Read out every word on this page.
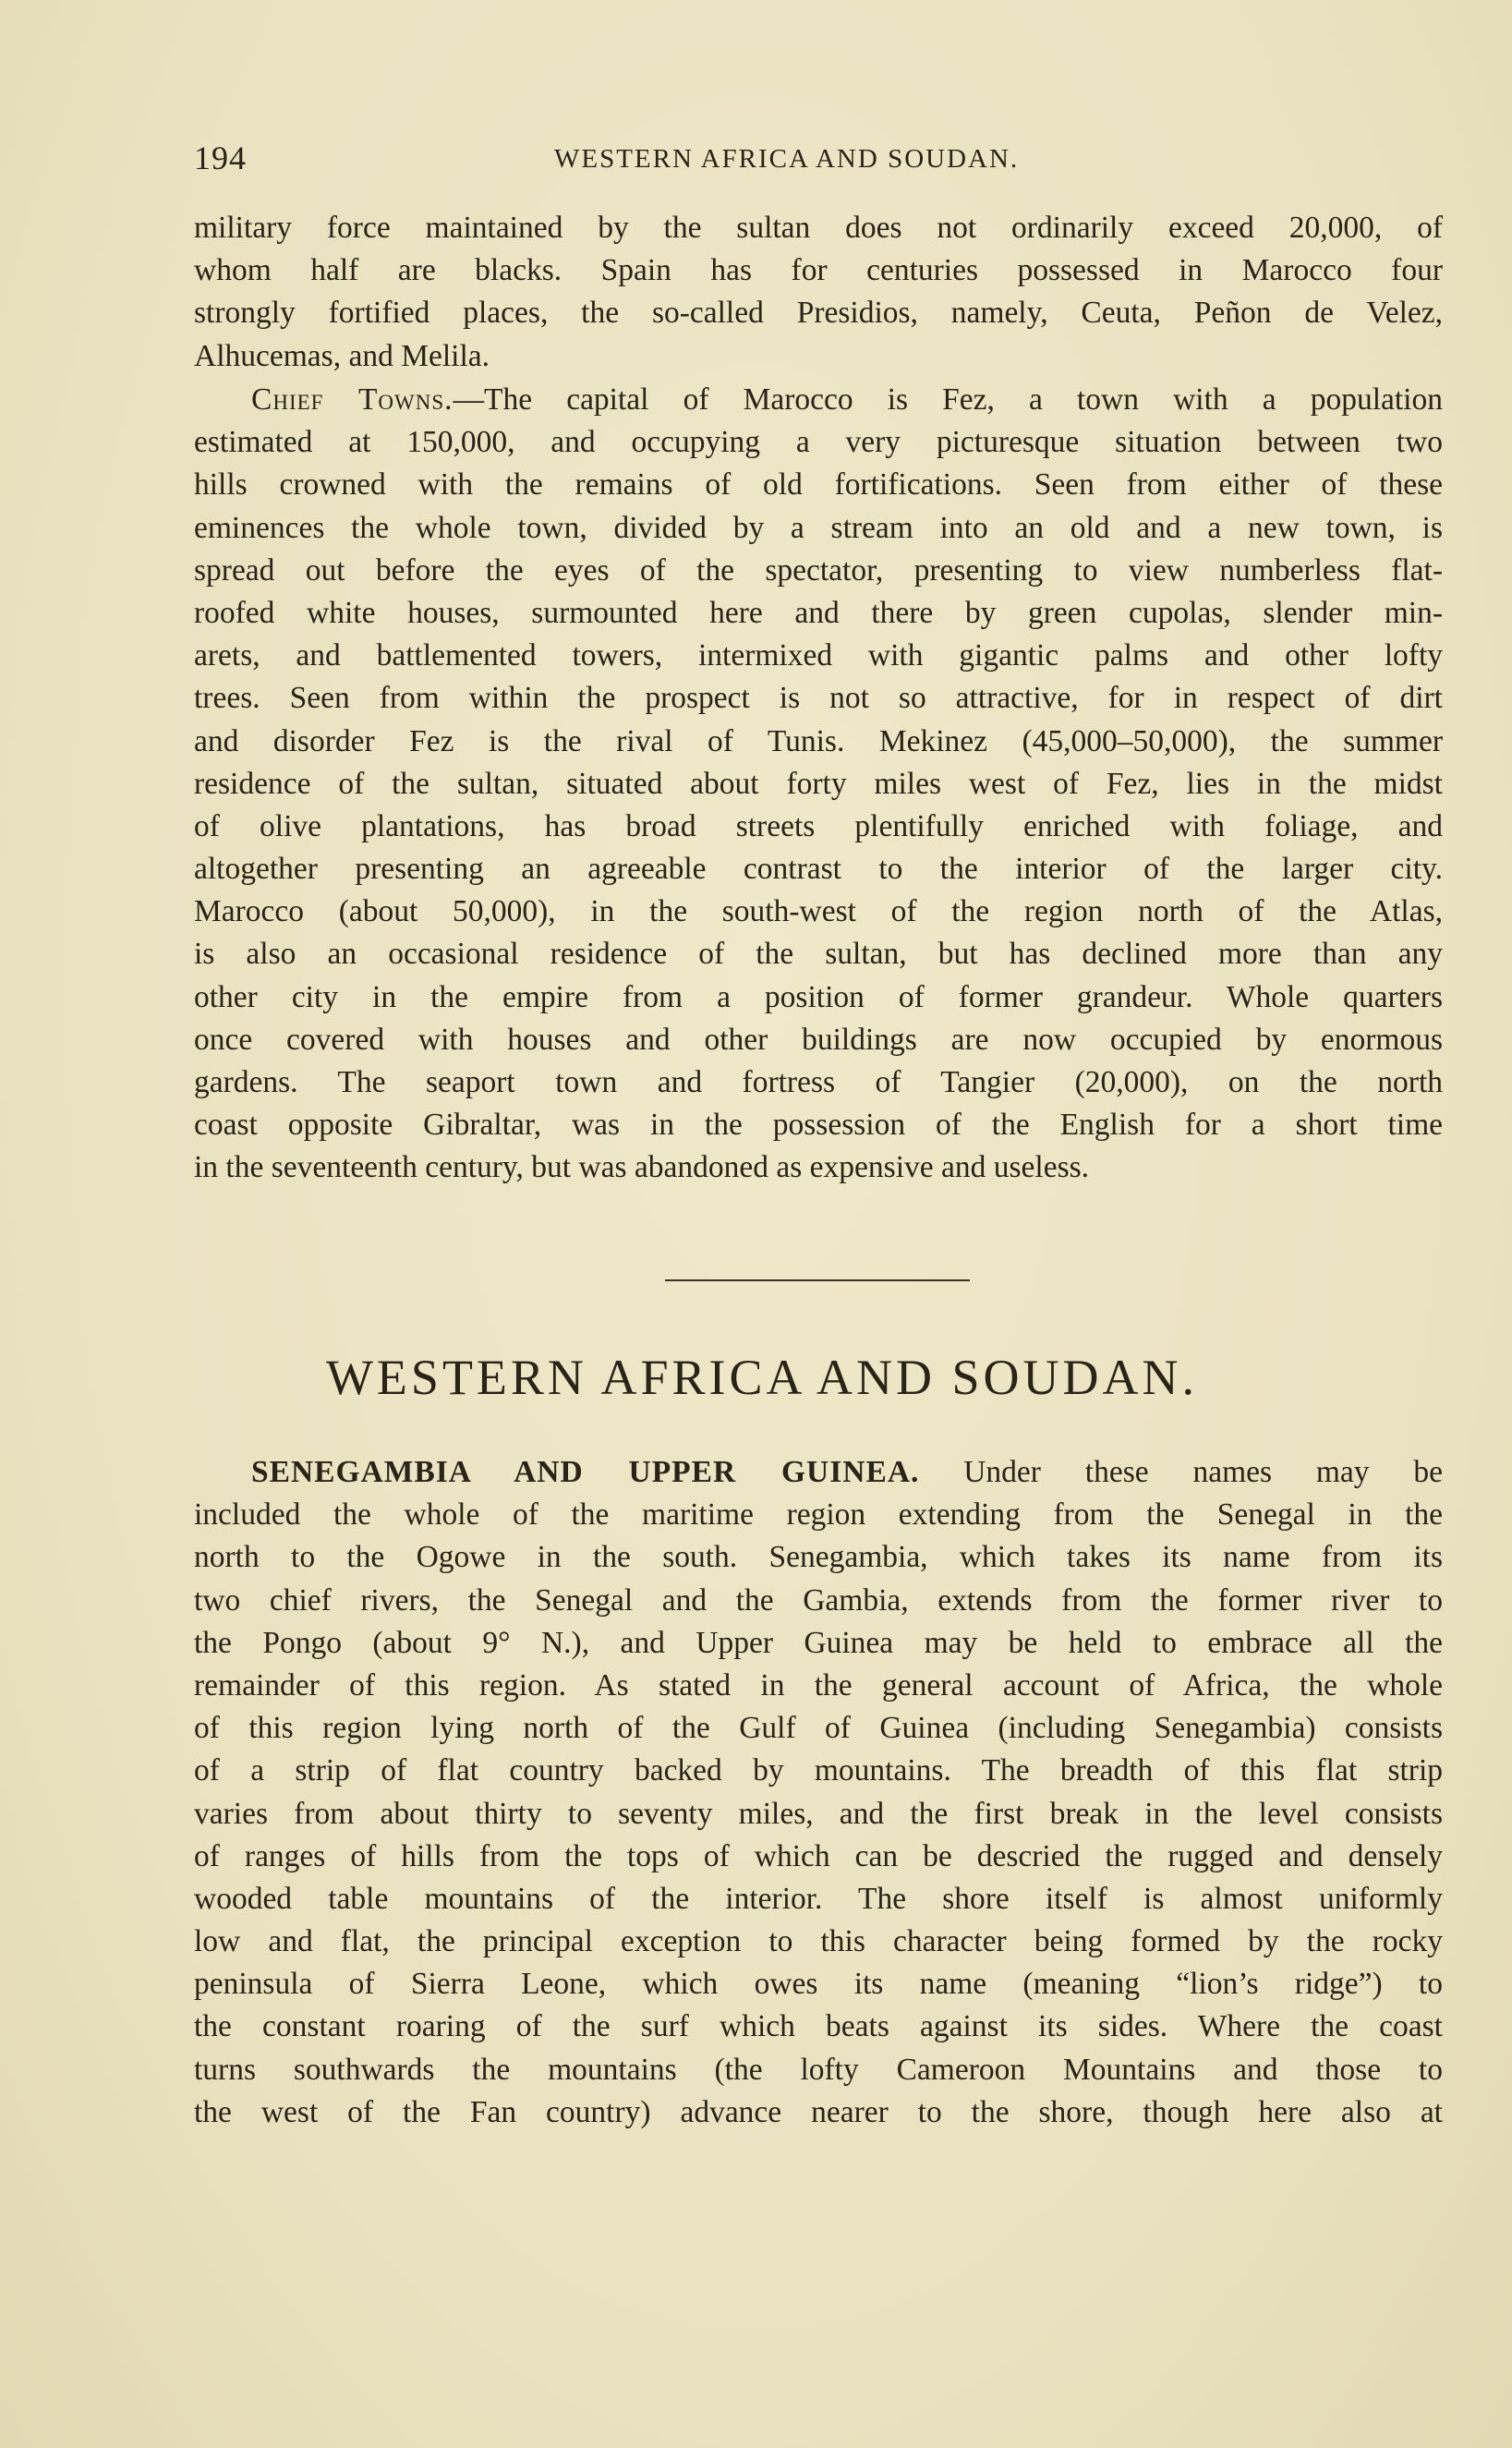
194	WESTERN AFRICA AND SOUDAN.
military force maintained by the sultan does not ordinarily exceed 20,000, of
whom half are blacks. Spain has for centuries possessed in Marocco four
strongly fortified places, the so-called Presidios, namely, Ceuta, Peñon de Velez,
Alhucemas, and Melila.
Chief Towns.—The capital of Marocco is Fez, a town with a population
estimated at 150,000, and occupying a very picturesque situation between two
hills crowned with the remains of old fortifications. Seen from either of these
eminences the whole town, divided by a stream into an old and a new town, is
spread out before the eyes of the spectator, presenting to view numberless flat-
roofed white houses, surmounted here and there by green cupolas, slender min-
arets, and battlemented towers, intermixed with gigantic palms and other lofty
trees. Seen from within the prospect is not so attractive, for in respect of dirt
and disorder Fez is the rival of Tunis. Mekinez (45,000–50,000), the summer
residence of the sultan, situated about forty miles west of Fez, lies in the midst
of olive plantations, has broad streets plentifully enriched with foliage, and
altogether presenting an agreeable contrast to the interior of the larger city.
Marocco (about 50,000), in the south-west of the region north of the Atlas,
is also an occasional residence of the sultan, but has declined more than any
other city in the empire from a position of former grandeur. Whole quarters
once covered with houses and other buildings are now occupied by enormous
gardens. The seaport town and fortress of Tangier (20,000), on the north
coast opposite Gibraltar, was in the possession of the English for a short time
in the seventeenth century, but was abandoned as expensive and useless.
WESTERN AFRICA AND SOUDAN.
SENEGAMBIA AND UPPER GUINEA. Under these names may be
included the whole of the maritime region extending from the Senegal in the
north to the Ogowe in the south. Senegambia, which takes its name from its
two chief rivers, the Senegal and the Gambia, extends from the former river to
the Pongo (about 9° N.), and Upper Guinea may be held to embrace all the
remainder of this region. As stated in the general account of Africa, the whole
of this region lying north of the Gulf of Guinea (including Senegambia) consists
of a strip of flat country backed by mountains. The breadth of this flat strip
varies from about thirty to seventy miles, and the first break in the level consists
of ranges of hills from the tops of which can be descried the rugged and densely
wooded table mountains of the interior. The shore itself is almost uniformly
low and flat, the principal exception to this character being formed by the rocky
peninsula of Sierra Leone, which owes its name (meaning “lion’s ridge”) to
the constant roaring of the surf which beats against its sides. Where the coast
turns southwards the mountains (the lofty Cameroon Mountains and those to
the west of the Fan country) advance nearer to the shore, though here also at
